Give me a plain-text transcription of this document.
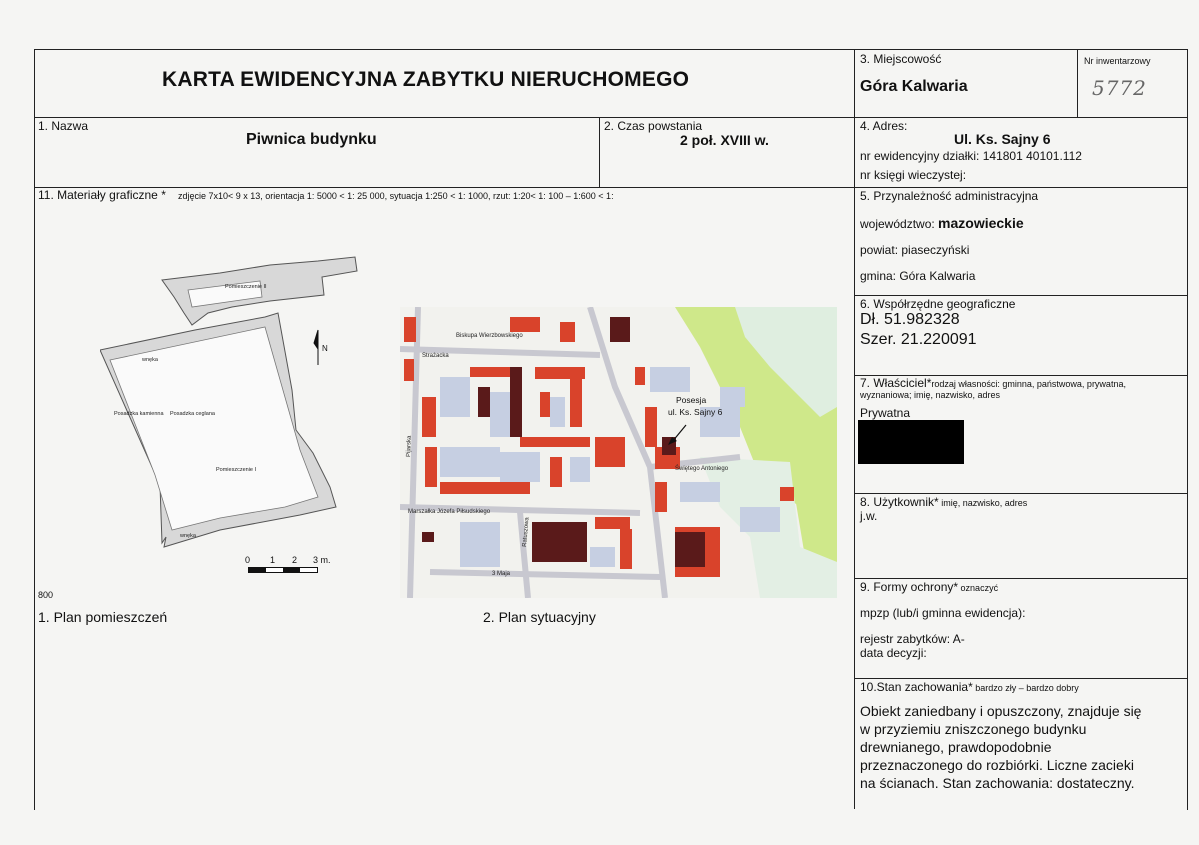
KARTA EWIDENCYJNA ZABYTKU NIERUCHOMEGO
3. Miejscowość
Góra Kalwaria
Nr inwentarzowy
5772
1. Nazwa
Piwnica budynku
2. Czas powstania
2 poł. XVIII w.
4. Adres:
Ul. Ks. Sajny 6
nr ewidencyjny działki: 141801 40101.112
nr księgi wieczystej:
11. Materiały graficzne * zdjęcie 7x10< 9 x 13, orientacja 1: 5000 < 1: 25 000, sytuacja 1:250 < 1: 1000, rzut: 1:20< 1: 100 – 1:600 < 1:
Pomieszczenie II
wnęka
Posadzka kamienna Posadzka ceglana
Pomieszczenie I
wnęka
N
0 1 2 3 m.
Posesja
ul. Ks. Sajny 6
Biskupa Wierzbowskiego
Strażacka
Świętego Antoniego
Marszałka Józefa Piłsudskiego
3 Maja
Pijarska
Ratuszowa
800
1. Plan pomieszczeń	2. Plan sytuacyjny
5. Przynależność administracyjna
województwo: mazowieckie
powiat: piaseczyński
gmina: Góra Kalwaria
6. Współrzędne geograficzne
Dł. 51.982328
Szer. 21.220091
7. Właściciel*rodzaj własności: gminna, państwowa, prywatna,
wyznaniowa; imię, nazwisko, adres
Prywatna
8. Użytkownik* imię, nazwisko, adres
j.w.
9. Formy ochrony* oznaczyć
mpzp (lub/i gminna ewidencja):
rejestr zabytków: A-
data decyzji:
10.Stan zachowania* bardzo zły – bardzo dobry
Obiekt zaniedbany i opuszczony, znajduje się
w przyziemiu zniszczonego budynku
drewnianego, prawdopodobnie
przeznaczonego do rozbiórki. Liczne zacieki
na ścianach. Stan zachowania: dostateczny.
